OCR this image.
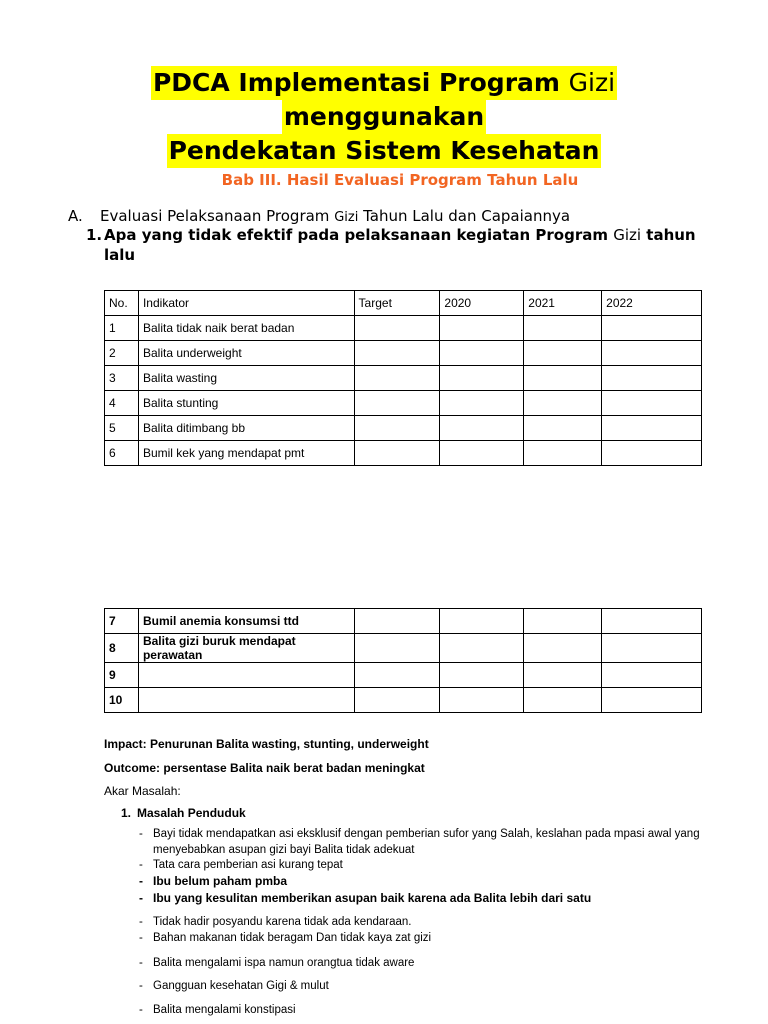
PDCA Implementasi Program Gizi
menggunakan
Pendekatan Sistem Kesehatan
Bab III. Hasil Evaluasi Program Tahun Lalu
A. Evaluasi Pelaksanaan Program Gizi Tahun Lalu dan Capaiannya
1. Apa yang tidak efektif pada pelaksanaan kegiatan Program Gizi tahun lalu
No.	Indikator	Target	2020	2021	2022
1	Balita tidak naik berat badan				
2	Balita underweight				
3	Balita wasting				
4	Balita stunting				
5	Balita ditimbang bb				
6	Bumil kek yang mendapat pmt				
7	Bumil anemia konsumsi ttd				
8	Balita gizi buruk mendapat perawatan				
9					
10					
Impact: Penurunan Balita wasting, stunting, underweight
Outcome: persentase Balita naik berat badan meningkat
Akar Masalah:
1. Masalah Penduduk
- Bayi tidak mendapatkan asi eksklusif dengan pemberian sufor yang Salah, keslahan pada mpasi awal yang menyebabkan asupan gizi bayi Balita tidak adekuat
- Tata cara pemberian asi kurang tepat
- Ibu belum paham pmba
- Ibu yang kesulitan memberikan asupan baik karena ada Balita lebih dari satu
- Tidak hadir posyandu karena tidak ada kendaraan.
- Bahan makanan tidak beragam Dan tidak kaya zat gizi
- Balita mengalami ispa namun orangtua tidak aware
- Gangguan kesehatan Gigi & mulut
- Balita mengalami konstipasi
